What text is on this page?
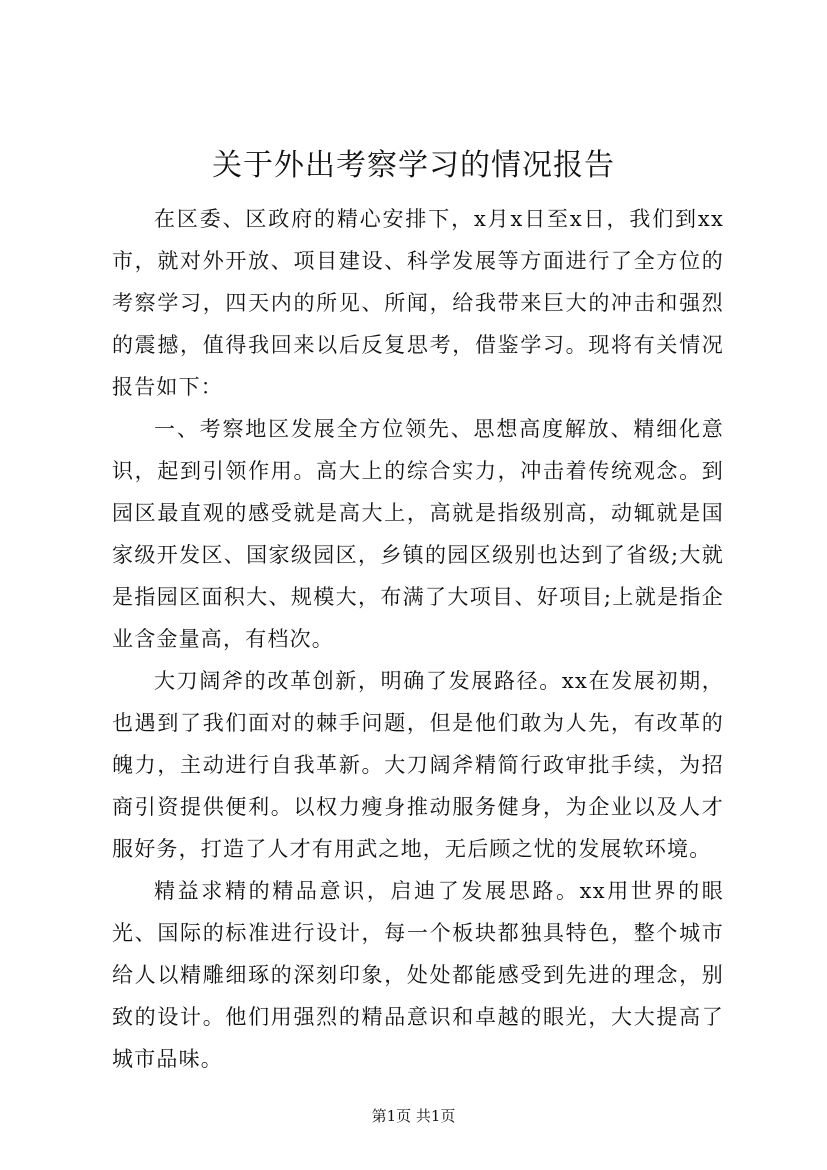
关于外出考察学习的情况报告

在区委、区政府的精心安排下，x月x日至x日，我们到xx市，就对外开放、项目建设、科学发展等方面进行了全方位的考察学习，四天内的所见、所闻，给我带来巨大的冲击和强烈的震撼，值得我回来以后反复思考，借鉴学习。现将有关情况报告如下：

一、考察地区发展全方位领先、思想高度解放、精细化意识，起到引领作用。高大上的综合实力，冲击着传统观念。到园区最直观的感受就是高大上，高就是指级别高，动辄就是国家级开发区、国家级园区，乡镇的园区级别也达到了省级;大就是指园区面积大、规模大，布满了大项目、好项目;上就是指企业含金量高，有档次。

大刀阔斧的改革创新，明确了发展路径。xx在发展初期，也遇到了我们面对的棘手问题，但是他们敢为人先，有改革的魄力，主动进行自我革新。大刀阔斧精简行政审批手续，为招商引资提供便利。以权力瘦身推动服务健身，为企业以及人才服好务，打造了人才有用武之地，无后顾之忧的发展软环境。

精益求精的精品意识，启迪了发展思路。xx用世界的眼光、国际的标准进行设计，每一个板块都独具特色，整个城市给人以精雕细琢的深刻印象，处处都能感受到先进的理念，别致的设计。他们用强烈的精品意识和卓越的眼光，大大提高了城市品味。

第1页 共1页
